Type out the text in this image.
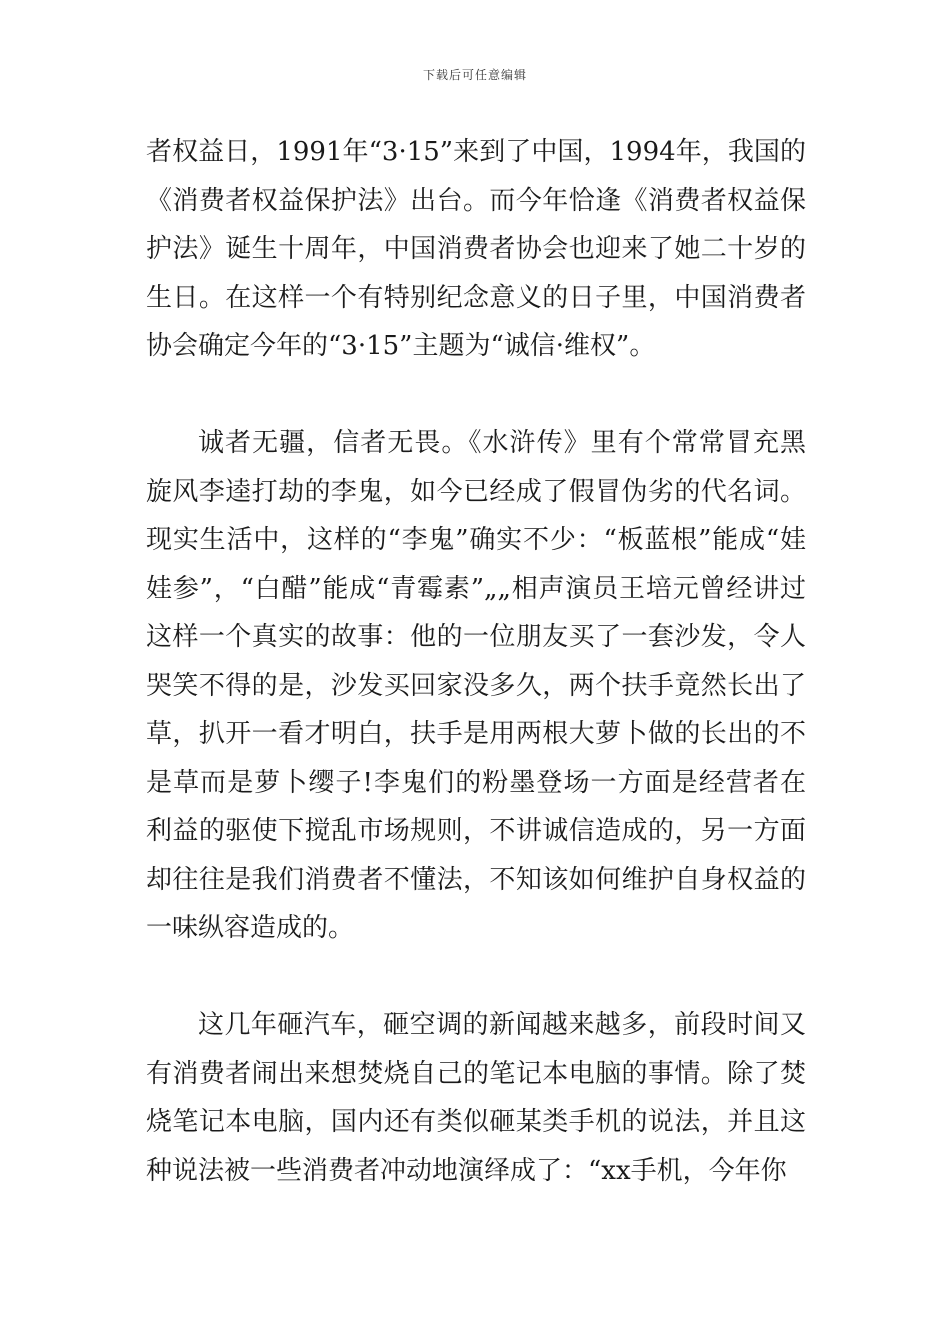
下载后可任意编辑

者权益日，1991年“3·15”来到了中国，1994年，我国的《消费者权益保护法》出台。而今年恰逢《消费者权益保护法》诞生十周年，中国消费者协会也迎来了她二十岁的生日。在这样一个有特别纪念意义的日子里，中国消费者协会确定今年的“3·15”主题为“诚信·维权”。

诚者无疆，信者无畏。《水浒传》里有个常常冒充黑旋风李逵打劫的李鬼，如今已经成了假冒伪劣的代名词。现实生活中，这样的“李鬼”确实不少：“板蓝根”能成“娃娃参”，“白醋”能成“青霉素”„„相声演员王培元曾经讲过这样一个真实的故事：他的一位朋友买了一套沙发，令人哭笑不得的是，沙发买回家没多久，两个扶手竟然长出了草，扒开一看才明白，扶手是用两根大萝卜做的长出的不是草而是萝卜缨子!李鬼们的粉墨登场一方面是经营者在利益的驱使下搅乱市场规则，不讲诚信造成的，另一方面却往往是我们消费者不懂法，不知该如何维护自身权益的一味纵容造成的。

这几年砸汽车，砸空调的新闻越来越多，前段时间又有消费者闹出来想焚烧自己的笔记本电脑的事情。除了焚烧笔记本电脑，国内还有类似砸某类手机的说法，并且这种说法被一些消费者冲动地演绎成了：“xx手机，今年你
